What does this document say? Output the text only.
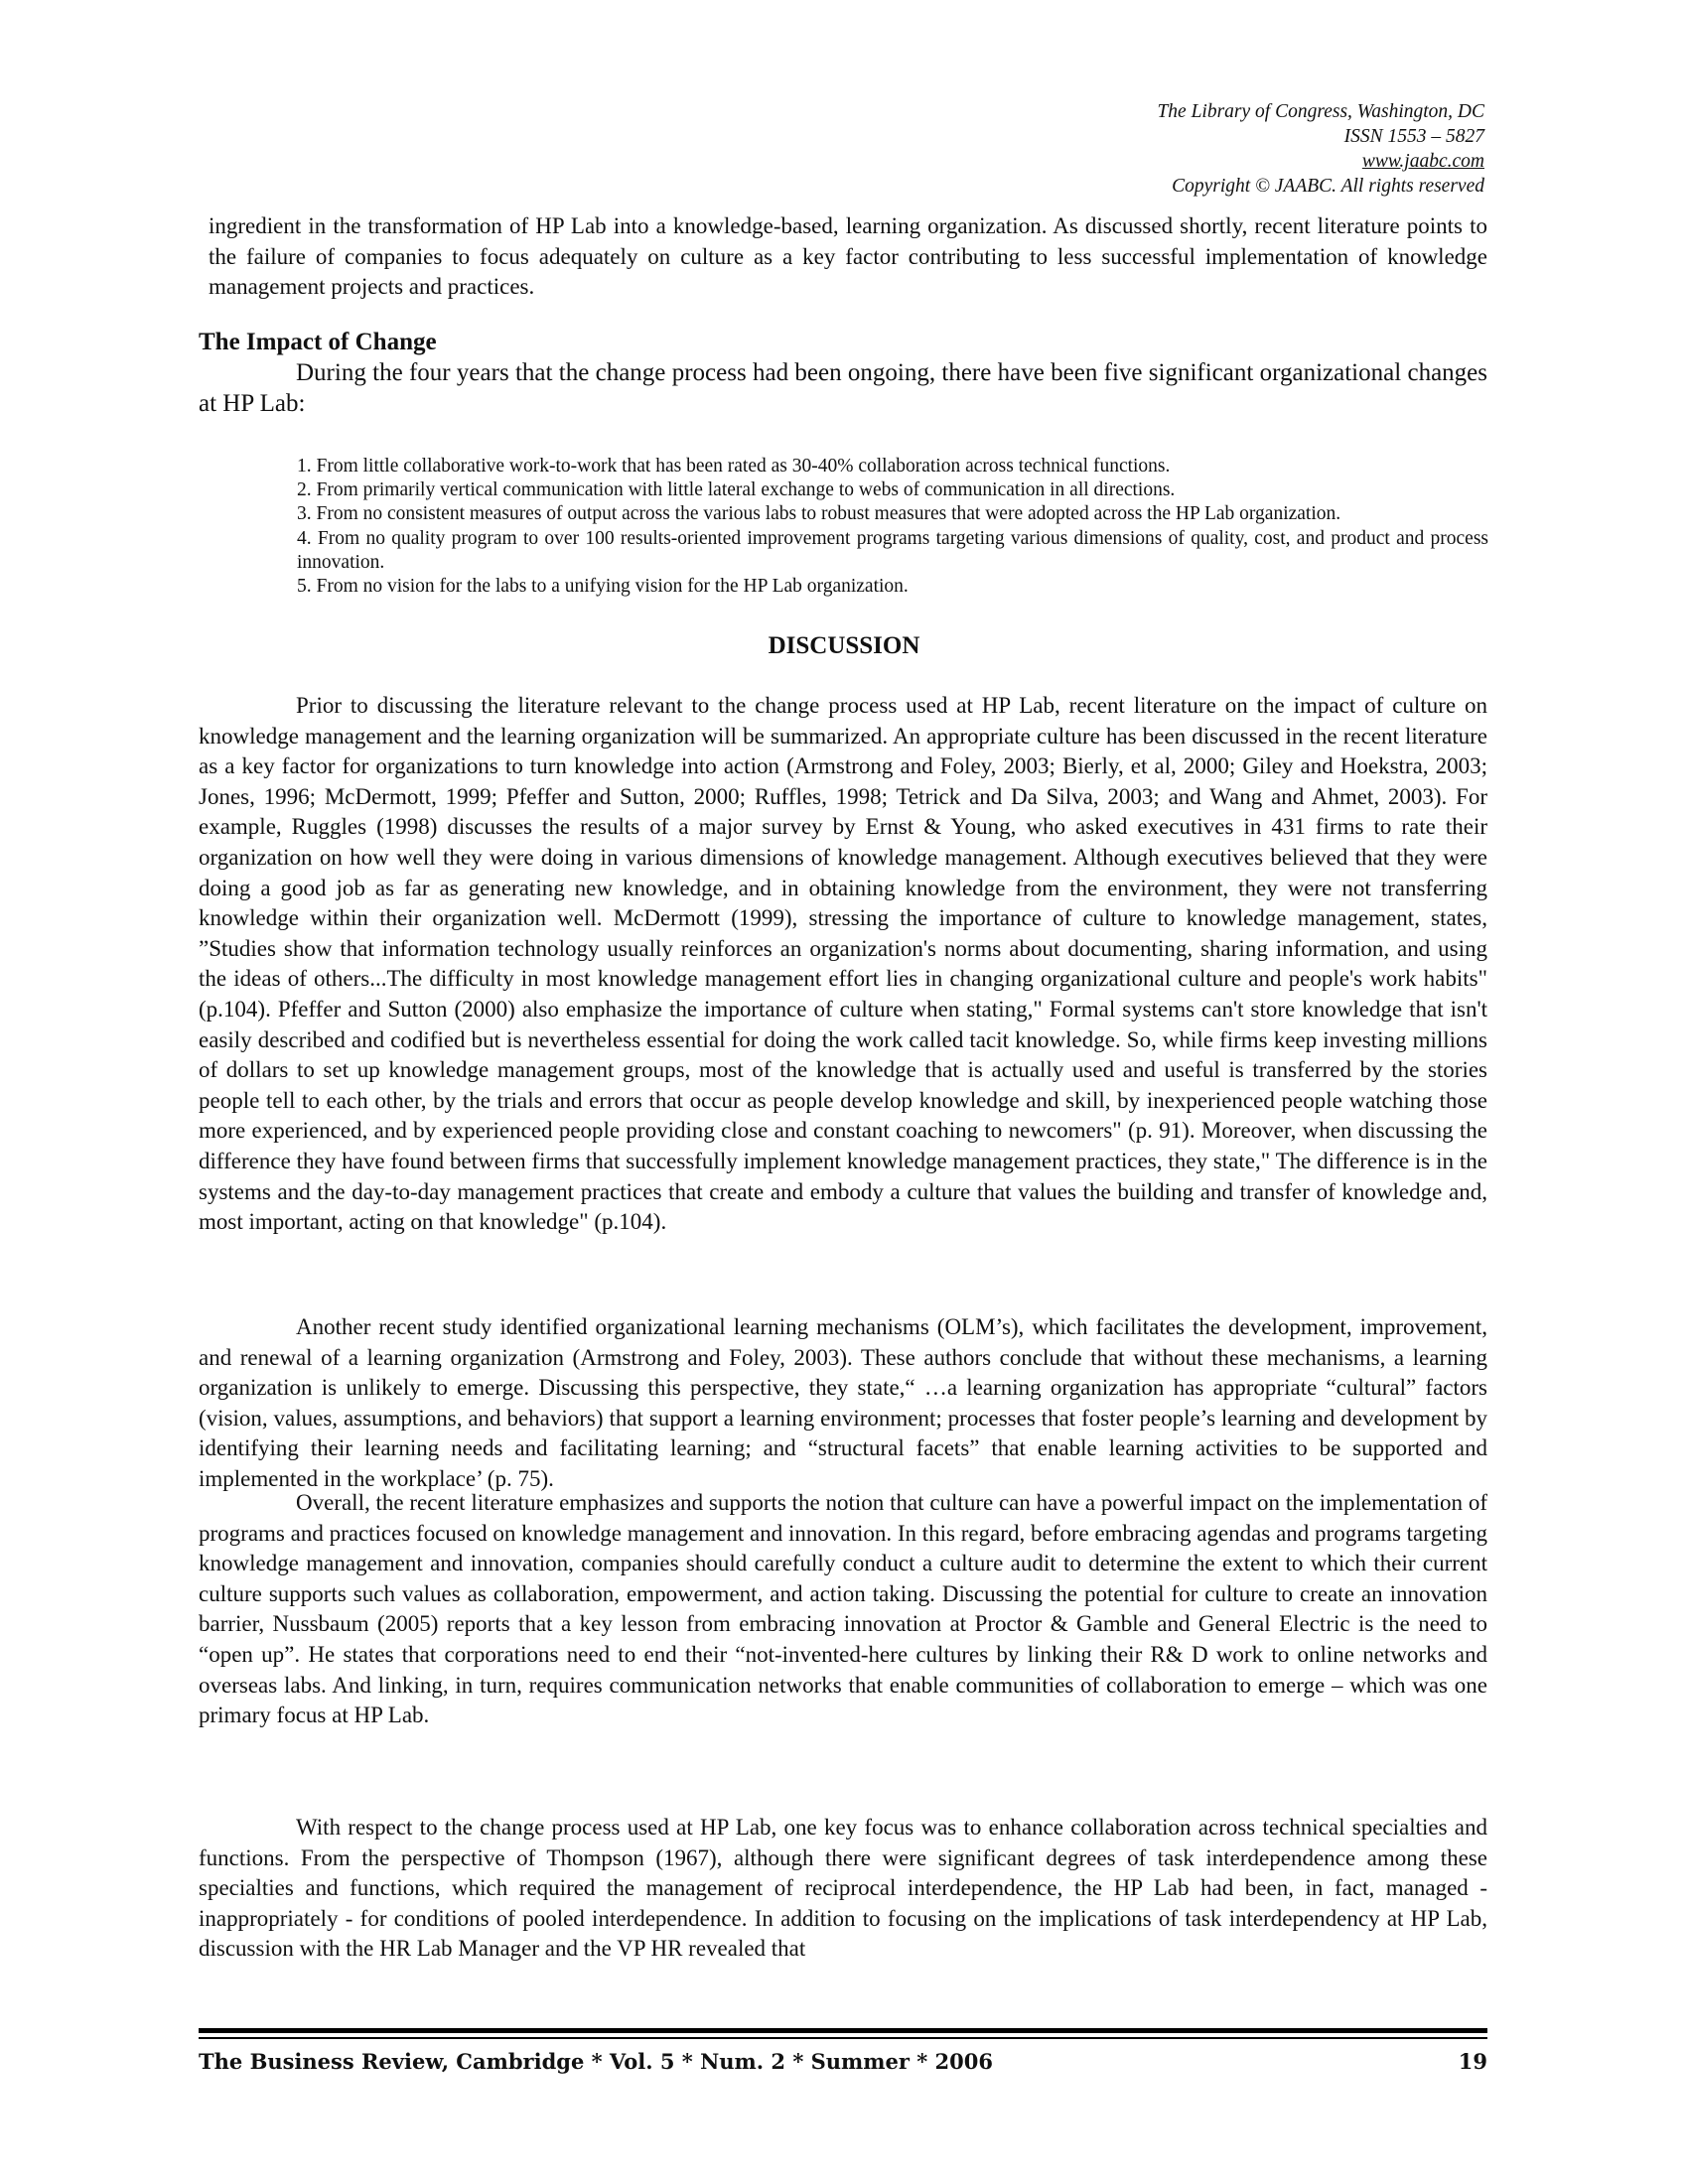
The Library of Congress, Washington, DC
ISSN 1553 – 5827
www.jaabc.com
Copyright © JAABC. All rights reserved

ingredient in the transformation of HP Lab into a knowledge-based, learning organization. As discussed shortly, recent literature points to the failure of companies to focus adequately on culture as a key factor contributing to less successful implementation of knowledge management projects and practices.

The Impact of Change

During the four years that the change process had been ongoing, there have been five significant organizational changes at HP Lab:

1. From little collaborative work-to-work that has been rated as 30-40% collaboration across technical functions.
2. From primarily vertical communication with little lateral exchange to webs of communication in all directions.
3. From no consistent measures of output across the various labs to robust measures that were adopted across the HP Lab organization.
4. From no quality program to over 100 results-oriented improvement programs targeting various dimensions of quality, cost, and product and process innovation.
5. From no vision for the labs to a unifying vision for the HP Lab organization.
DISCUSSION

Prior to discussing the literature relevant to the change process used at HP Lab, recent literature on the impact of culture on knowledge management and the learning organization will be summarized. An appropriate culture has been discussed in the recent literature as a key factor for organizations to turn knowledge into action (Armstrong and Foley, 2003; Bierly, et al, 2000; Giley and Hoekstra, 2003; Jones, 1996; McDermott, 1999; Pfeffer and Sutton, 2000; Ruffles, 1998; Tetrick and Da Silva, 2003; and Wang and Ahmet, 2003). For example, Ruggles (1998) discusses the results of a major survey by Ernst & Young, who asked executives in 431 firms to rate their organization on how well they were doing in various dimensions of knowledge management. Although executives believed that they were doing a good job as far as generating new knowledge, and in obtaining knowledge from the environment, they were not transferring knowledge within their organization well. McDermott (1999), stressing the importance of culture to knowledge management, states, ”Studies show that information technology usually reinforces an organization's norms about documenting, sharing information, and using the ideas of others...The difficulty in most knowledge management effort lies in changing organizational culture and people's work habits" (p.104). Pfeffer and Sutton (2000) also emphasize the importance of culture when stating," Formal systems can't store knowledge that isn't easily described and codified but is nevertheless essential for doing the work called tacit knowledge. So, while firms keep investing millions of dollars to set up knowledge management groups, most of the knowledge that is actually used and useful is transferred by the stories people tell to each other, by the trials and errors that occur as people develop knowledge and skill, by inexperienced people watching those more experienced, and by experienced people providing close and constant coaching to newcomers" (p. 91). Moreover, when discussing the difference they have found between firms that successfully implement knowledge management practices, they state," The difference is in the systems and the day-to-day management practices that create and embody a culture that values the building and transfer of knowledge and, most important, acting on that knowledge" (p.104).

Another recent study identified organizational learning mechanisms (OLM’s), which facilitates the development, improvement, and renewal of a learning organization (Armstrong and Foley, 2003). These authors conclude that without these mechanisms, a learning organization is unlikely to emerge. Discussing this perspective, they state,“ …a learning organization has appropriate “cultural” factors (vision, values, assumptions, and behaviors) that support a learning environment; processes that foster people’s learning and development by identifying their learning needs and facilitating learning; and “structural facets” that enable learning activities to be supported and implemented in the workplace’ (p. 75).

Overall, the recent literature emphasizes and supports the notion that culture can have a powerful impact on the implementation of programs and practices focused on knowledge management and innovation. In this regard, before embracing agendas and programs targeting knowledge management and innovation, companies should carefully conduct a culture audit to determine the extent to which their current culture supports such values as collaboration, empowerment, and action taking. Discussing the potential for culture to create an innovation barrier, Nussbaum (2005) reports that a key lesson from embracing innovation at Proctor & Gamble and General Electric is the need to “open up”. He states that corporations need to end their “not-invented-here cultures by linking their R& D work to online networks and overseas labs. And linking, in turn, requires communication networks that enable communities of collaboration to emerge – which was one primary focus at HP Lab.

With respect to the change process used at HP Lab, one key focus was to enhance collaboration across technical specialties and functions. From the perspective of Thompson (1967), although there were significant degrees of task interdependence among these specialties and functions, which required the management of reciprocal interdependence, the HP Lab had been, in fact, managed - inappropriately - for conditions of pooled interdependence. In addition to focusing on the implications of task interdependency at HP Lab, discussion with the HR Lab Manager and the VP HR revealed that

The Business Review, Cambridge * Vol. 5 * Num. 2 * Summer * 2006	19
